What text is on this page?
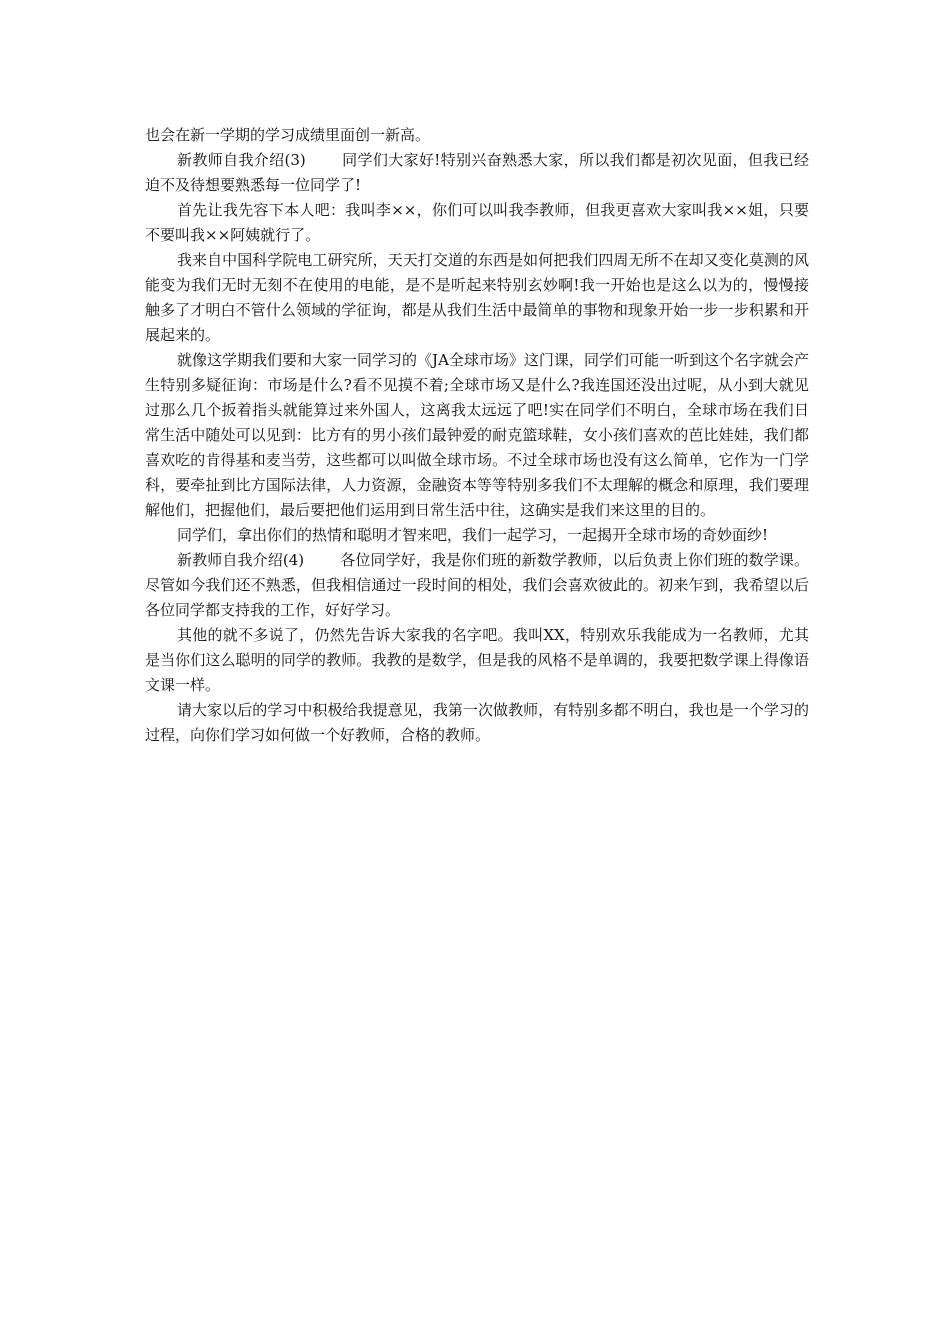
也会在新一学期的学习成绩里面创一新高。

新教师自我介绍(3) 同学们大家好!特别兴奋熟悉大家，所以我们都是初次见面，但我已经迫不及待想要熟悉每一位同学了!

首先让我先容下本人吧：我叫李××，你们可以叫我李教师，但我更喜欢大家叫我××姐，只要不要叫我××阿姨就行了。

我来自中国科学院电工研究所，天天打交道的东西是如何把我们四周无所不在却又变化莫测的风能变为我们无时无刻不在使用的电能，是不是听起来特别玄妙啊!我一开始也是这么以为的，慢慢接触多了才明白不管什么领域的学征询，都是从我们生活中最简单的事物和现象开始一步一步积累和开展起来的。

就像这学期我们要和大家一同学习的《JA全球市场》这门课，同学们可能一听到这个名字就会产生特别多疑征询：市场是什么?看不见摸不着;全球市场又是什么?我连国还没出过呢，从小到大就见过那么几个扳着指头就能算过来外国人，这离我太远远了吧!实在同学们不明白，全球市场在我们日常生活中随处可以见到：比方有的男小孩们最钟爱的耐克篮球鞋，女小孩们喜欢的芭比娃娃，我们都喜欢吃的肯得基和麦当劳，这些都可以叫做全球市场。不过全球市场也没有这么简单，它作为一门学科，要牵扯到比方国际法律，人力资源，金融资本等等特别多我们不太理解的概念和原理，我们要理解他们，把握他们，最后要把他们运用到日常生活中往，这确实是我们来这里的目的。

同学们，拿出你们的热情和聪明才智来吧，我们一起学习，一起揭开全球市场的奇妙面纱!

新教师自我介绍(4) 各位同学好，我是你们班的新数学教师，以后负责上你们班的数学课。尽管如今我们还不熟悉，但我相信通过一段时间的相处，我们会喜欢彼此的。初来乍到，我希望以后各位同学都支持我的工作，好好学习。

其他的就不多说了，仍然先告诉大家我的名字吧。我叫XX，特别欢乐我能成为一名教师，尤其是当你们这么聪明的同学的教师。我教的是数学，但是我的风格不是单调的，我要把数学课上得像语文课一样。

请大家以后的学习中积极给我提意见，我第一次做教师，有特别多都不明白，我也是一个学习的过程，向你们学习如何做一个好教师，合格的教师。
